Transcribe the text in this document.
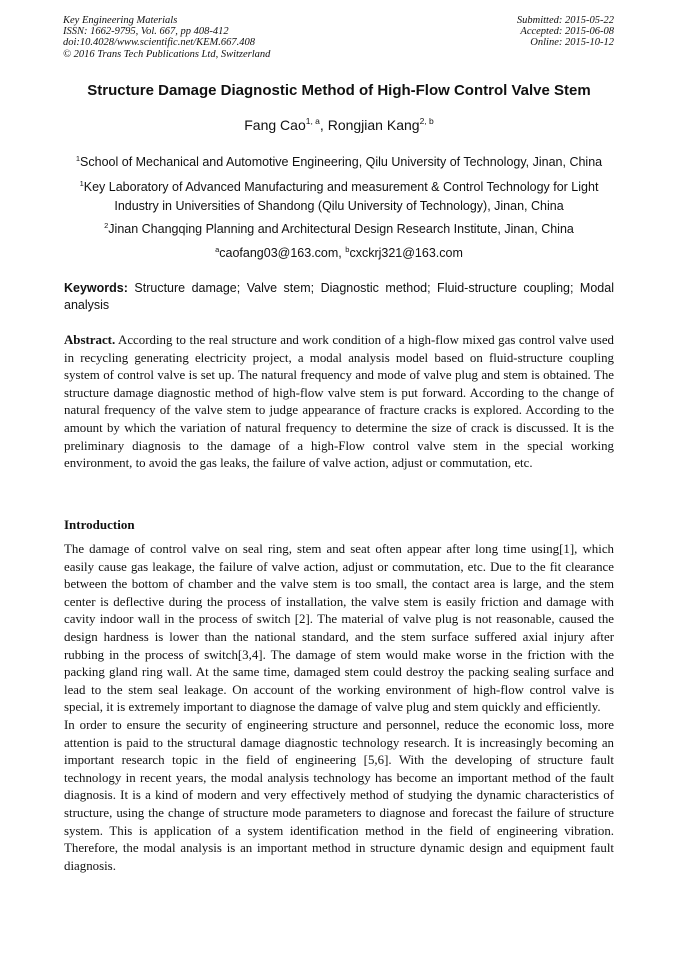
Key Engineering Materials
ISSN: 1662-9795, Vol. 667, pp 408-412
doi:10.4028/www.scientific.net/KEM.667.408
© 2016 Trans Tech Publications Ltd, Switzerland
Submitted: 2015-05-22
Accepted: 2015-06-08
Online: 2015-10-12
Structure Damage Diagnostic Method of High-Flow Control Valve Stem
Fang Cao$^{1, a}$, Rongjian Kang$^{2, b}$
$^1$School of Mechanical and Automotive Engineering, Qilu University of Technology, Jinan, China
$^1$Key Laboratory of Advanced Manufacturing and measurement & Control Technology for Light Industry in Universities of Shandong (Qilu University of Technology), Jinan, China
$^2$Jinan Changqing Planning and Architectural Design Research Institute, Jinan, China
$^a$caofang03@163.com, $^b$cxckrj321@163.com
Keywords: Structure damage; Valve stem; Diagnostic method; Fluid-structure coupling; Modal analysis
Abstract. According to the real structure and work condition of a high-flow mixed gas control valve used in recycling generating electricity project, a modal analysis model based on fluid-structure coupling system of control valve is set up. The natural frequency and mode of valve plug and stem is obtained. The structure damage diagnostic method of high-flow valve stem is put forward. According to the change of natural frequency of the valve stem to judge appearance of fracture cracks is explored. According to the amount by which the variation of natural frequency to determine the size of crack is discussed. It is the preliminary diagnosis to the damage of a high-Flow control valve stem in the special working environment, to avoid the gas leaks, the failure of valve action, adjust or commutation, etc.
Introduction
The damage of control valve on seal ring, stem and seat often appear after long time using[1], which easily cause gas leakage, the failure of valve action, adjust or commutation, etc. Due to the fit clearance between the bottom of chamber and the valve stem is too small, the contact area is large, and the stem center is deflective during the process of installation, the valve stem is easily friction and damage with cavity indoor wall in the process of switch [2]. The material of valve plug is not reasonable, caused the design hardness is lower than the national standard, and the stem surface suffered axial injury after rubbing in the process of switch[3,4]. The damage of stem would make worse in the friction with the packing gland ring wall. At the same time, damaged stem could destroy the packing sealing surface and lead to the stem seal leakage. On account of the working environment of high-flow control valve is special, it is extremely important to diagnose the damage of valve plug and stem quickly and efficiently.
In order to ensure the security of engineering structure and personnel, reduce the economic loss, more attention is paid to the structural damage diagnostic technology research. It is increasingly becoming an important research topic in the field of engineering [5,6]. With the developing of structure fault technology in recent years, the modal analysis technology has become an important method of the fault diagnosis. It is a kind of modern and very effectively method of studying the dynamic characteristics of structure, using the change of structure mode parameters to diagnose and forecast the failure of structure system. This is application of a system identification method in the field of engineering vibration. Therefore, the modal analysis is an important method in structure dynamic design and equipment fault diagnosis.
